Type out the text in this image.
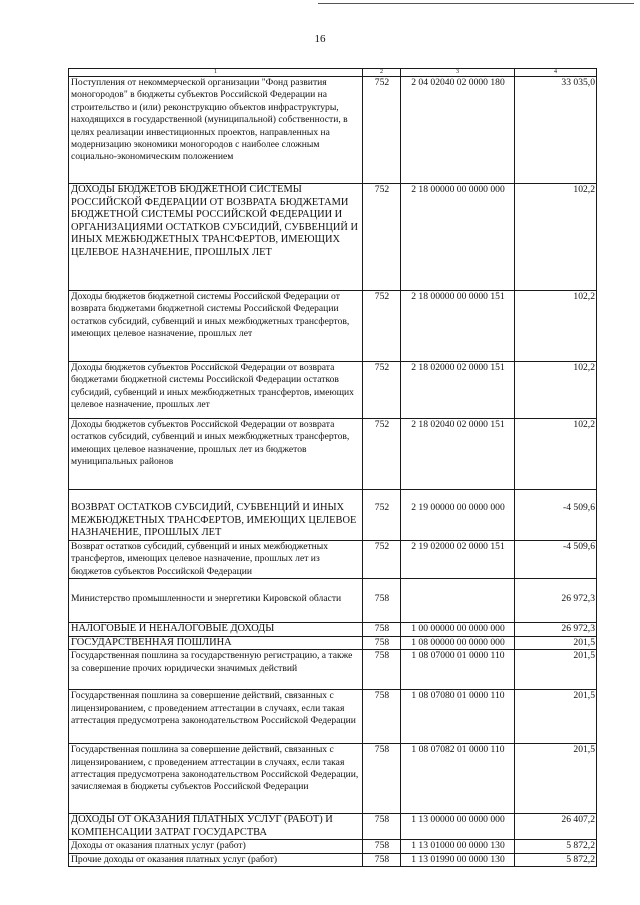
16
1	2	3	4
Поступления от некоммерческой организации "Фонд развития моногородов" в бюджеты субъектов Российской Федерации на строительство и (или) реконструкцию объектов инфраструктуры, находящихся в государственной (муниципальной) собственности, в целях реализации инвестиционных проектов, направленных на модернизацию экономики моногородов с наиболее сложным социально-экономическим положением	752	2 04 02040 02 0000 180	33 035,0
ДОХОДЫ БЮДЖЕТОВ БЮДЖЕТНОЙ СИСТЕМЫ РОССИЙСКОЙ ФЕДЕРАЦИИ ОТ ВОЗВРАТА БЮДЖЕТАМИ БЮДЖЕТНОЙ СИСТЕМЫ РОССИЙСКОЙ ФЕДЕРАЦИИ И ОРГАНИЗАЦИЯМИ ОСТАТКОВ СУБСИДИЙ, СУБВЕНЦИЙ И ИНЫХ МЕЖБЮДЖЕТНЫХ ТРАНСФЕРТОВ, ИМЕЮЩИХ ЦЕЛЕВОЕ НАЗНАЧЕНИЕ, ПРОШЛЫХ ЛЕТ	752	2 18 00000 00 0000 000	102,2
Доходы бюджетов бюджетной системы Российской Федерации от возврата бюджетами бюджетной системы Российской Федерации остатков субсидий, субвенций и иных межбюджетных трансфертов, имеющих целевое назначение, прошлых лет	752	2 18 00000 00 0000 151	102,2
Доходы бюджетов субъектов Российской Федерации от возврата бюджетами бюджетной системы Российской Федерации остатков субсидий, субвенций и иных межбюджетных трансфертов, имеющих целевое назначение, прошлых лет	752	2 18 02000 02 0000 151	102,2
Доходы бюджетов субъектов Российской Федерации от возврата остатков субсидий, субвенций и иных межбюджетных трансфертов, имеющих целевое назначение, прошлых лет из бюджетов муниципальных районов	752	2 18 02040 02 0000 151	102,2
ВОЗВРАТ ОСТАТКОВ СУБСИДИЙ, СУБВЕНЦИЙ И ИНЫХ МЕЖБЮДЖЕТНЫХ ТРАНСФЕРТОВ, ИМЕЮЩИХ ЦЕЛЕВОЕ НАЗНАЧЕНИЕ, ПРОШЛЫХ ЛЕТ	752	2 19 00000 00 0000 000	-4 509,6
Возврат остатков субсидий, субвенций и иных межбюджетных трансфертов, имеющих целевое назначение, прошлых лет из бюджетов субъектов Российской Федерации	752	2 19 02000 02 0000 151	-4 509,6
Министерство промышленности и энергетики Кировской области	758		26 972,3
НАЛОГОВЫЕ И НЕНАЛОГОВЫЕ ДОХОДЫ	758	1 00 00000 00 0000 000	26 972,3
ГОСУДАРСТВЕННАЯ ПОШЛИНА	758	1 08 00000 00 0000 000	201,5
Государственная пошлина за государственную регистрацию, а также за совершение прочих юридически значимых действий	758	1 08 07000 01 0000 110	201,5
Государственная пошлина за совершение действий, связанных с лицензированием, с проведением аттестации в случаях, если такая аттестация предусмотрена законодательством Российской Федерации	758	1 08 07080 01 0000 110	201,5
Государственная пошлина за совершение действий, связанных с лицензированием, с проведением аттестации в случаях, если такая аттестация предусмотрена законодательством Российской Федерации, зачисляемая в бюджеты субъектов Российской Федерации	758	1 08 07082 01 0000 110	201,5
ДОХОДЫ ОТ ОКАЗАНИЯ ПЛАТНЫХ УСЛУГ (РАБОТ) И КОМПЕНСАЦИИ ЗАТРАТ ГОСУДАРСТВА	758	1 13 00000 00 0000 000	26 407,2
Доходы от оказания платных услуг (работ)	758	1 13 01000 00 0000 130	5 872,2
Прочие доходы от оказания платных услуг (работ)	758	1 13 01990 00 0000 130	5 872,2
